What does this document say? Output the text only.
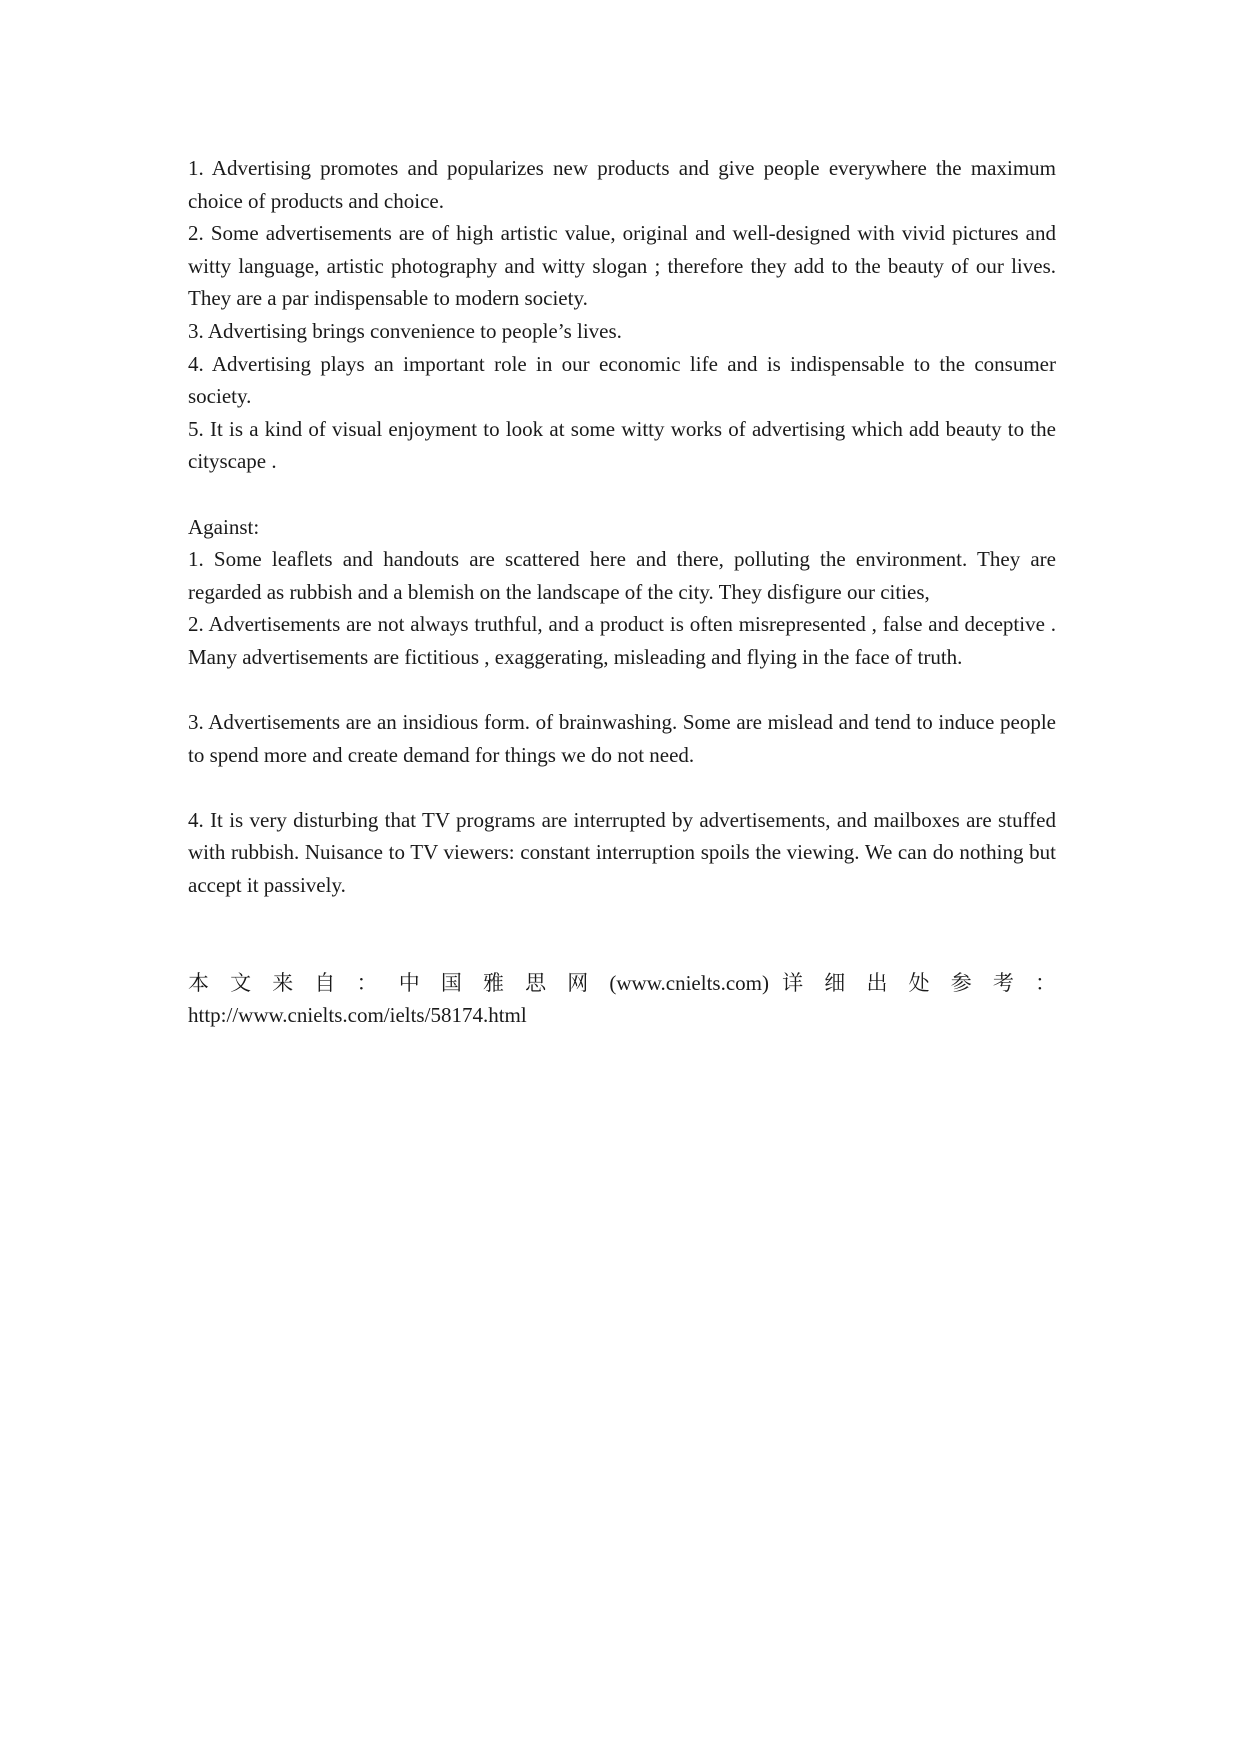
1. Advertising promotes and popularizes new products and give people everywhere the maximum choice of products and choice.

2. Some advertisements are of high artistic value, original and well-designed with vivid pictures and witty language, artistic photography and witty slogan ; therefore they add to the beauty of our lives. They are a par indispensable to modern society.

3. Advertising brings convenience to people’s lives.

4. Advertising plays an important role in our economic life and is indispensable to the consumer society.

5. It is a kind of visual enjoyment to look at some witty works of advertising which add beauty to the cityscape .

Against:

1. Some leaflets and handouts are scattered here and there, polluting the environment. They are regarded as rubbish and a blemish on the landscape of the city. They disfigure our cities,

2. Advertisements are not always truthful, and a product is often misrepresented , false and deceptive . Many advertisements are fictitious , exaggerating, misleading and flying in the face of truth.

3. Advertisements are an insidious form. of brainwashing. Some are mislead and tend to induce people to spend more and create demand for things we do not need.

4. It is very disturbing that TV programs are interrupted by advertisements, and mailboxes are stuffed with rubbish. Nuisance to TV viewers: constant interruption spoils the viewing. We can do nothing but accept it passively.

本 文 来 自 ： 中 国 雅 思 网 (www.cnielts.com) 详 细 出 处 参 考 ：

http://www.cnielts.com/ielts/58174.html
